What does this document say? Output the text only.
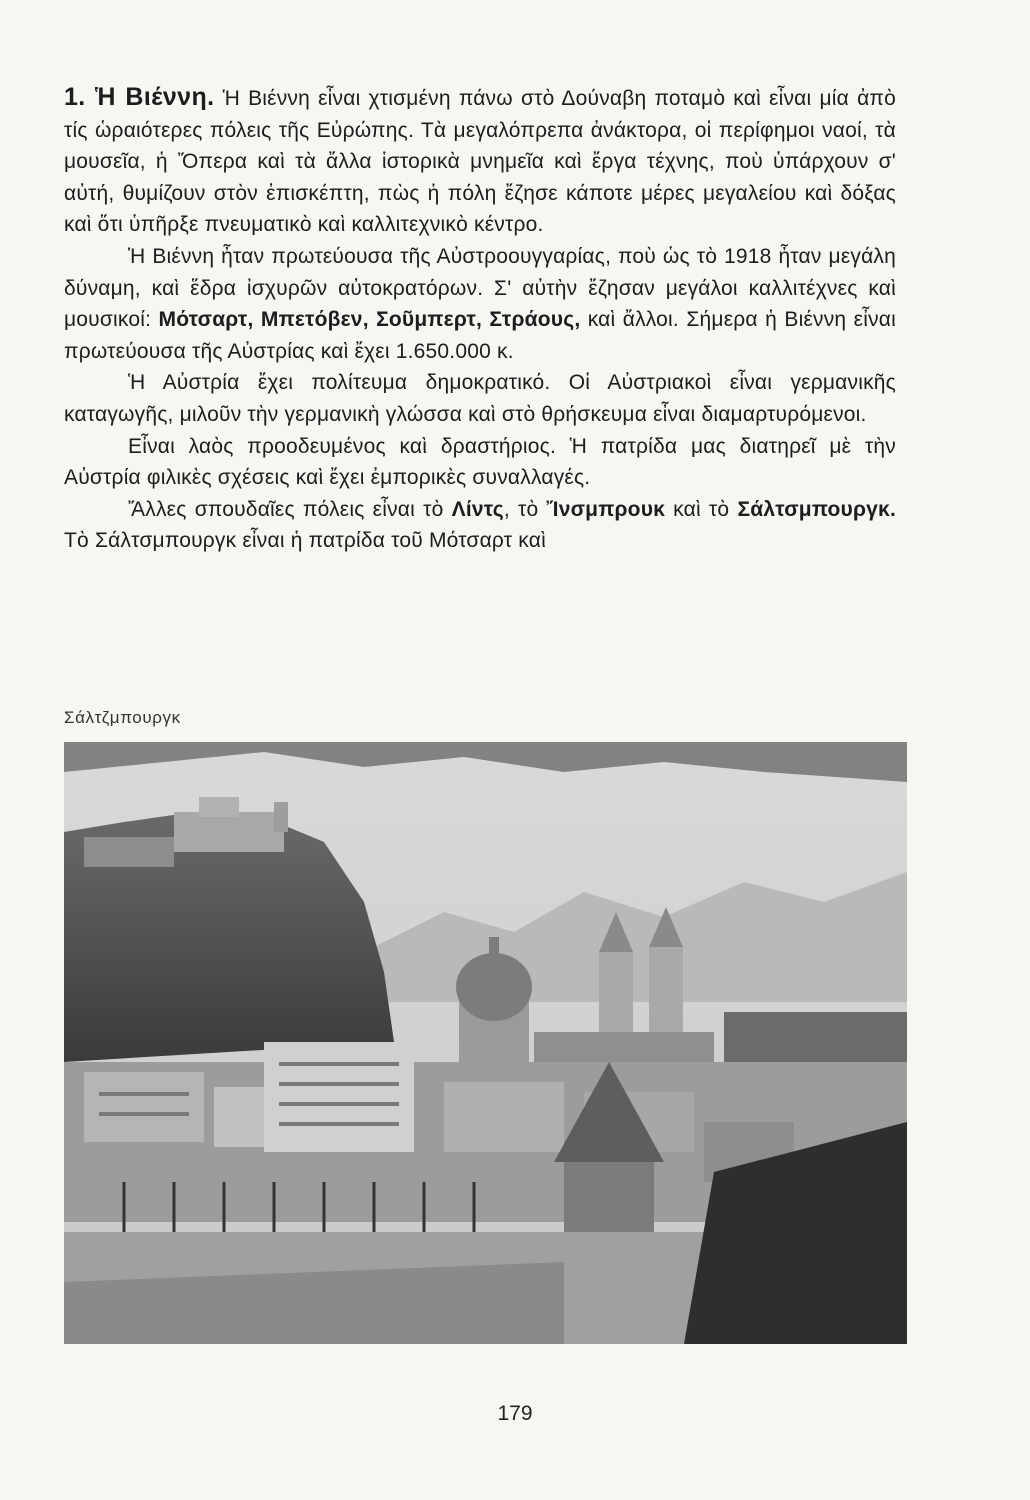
1. Ἡ Βιέννη. Ἡ Βιέννη εἶναι χτισμένη πάνω στὸ Δούναβη ποταμὸ καὶ εἶναι μία ἀπὸ τίς ὡραιότερες πόλεις τῆς Εὐρώπης. Τὰ μεγαλόπρεπα ἀνάκτορα, οἱ περίφημοι ναοί, τὰ μουσεῖα, ἡ Ὄπερα καὶ τὰ ἄλλα ἱστορικὰ μνημεῖα καὶ ἔργα τέχνης, ποὺ ὑπάρχουν σ' αὐτή, θυμίζουν στὸν ἐπισκέπτη, πὼς ἡ πόλη ἔζησε κάποτε μέρες μεγαλείου καὶ δόξας καὶ ὅτι ὑπῆρξε πνευματικὸ καὶ καλλιτεχνικὸ κέντρο.

Ἡ Βιέννη ἦταν πρωτεύουσα τῆς Αὐστροουγγαρίας, ποὺ ὡς τὸ 1918 ἦταν μεγάλη δύναμη, καὶ ἕδρα ἰσχυρῶν αὐτοκρατόρων. Σ' αὐτὴν ἔζησαν μεγάλοι καλλιτέχνες καὶ μουσικοί: Μότσαρτ, Μπετόβεν, Σοῦμπερτ, Στράους, καὶ ἄλλοι. Σήμερα ἡ Βιέννη εἶναι πρωτεύουσα τῆς Αὐστρίας καὶ ἔχει 1.650.000 κ.

Ἡ Αὐστρία ἔχει πολίτευμα δημοκρατικό. Οἱ Αὐστριακοὶ εἶναι γερμανικῆς καταγωγῆς, μιλοῦν τὴν γερμανικὴ γλώσσα καὶ στὸ θρήσκευμα εἶναι διαμαρτυρόμενοι.

Εἶναι λαὸς προοδευμένος καὶ δραστήριος. Ἡ πατρίδα μας διατηρεῖ μὲ τὴν Αὐστρία φιλικὲς σχέσεις καὶ ἔχει ἐμπορικὲς συναλλαγές.

Ἄλλες σπουδαῖες πόλεις εἶναι τὸ Λίντς, τὸ Ἴνσμπρουκ καὶ τὸ Σάλτσμπουργκ. Τὸ Σάλτσμπουργκ εἶναι ἡ πατρίδα τοῦ Μότσαρτ καὶ

Σάλτζμπουργκ
179
